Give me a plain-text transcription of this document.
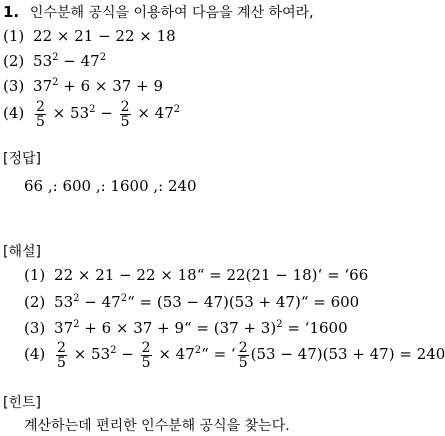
1. 인수분해 공식을 이용하여 다음을 계산 하여라,
(1) 22 × 21 − 22 × 18
(2) $53^2 - 47^2$
(3) $37^2 + 6 \times 37 + 9$
$(4) \frac{2}{5} \times 53^2 - \frac{2}{5} \times 47^2$
[정답]
66 ,: 600 ,: 1600 ,: 240
[해설]
(1) 22 × 21 − 22 × 18“ = 22(21 − 18)‘ = ‘66
(2) $53^2$ − $47^2“ = (53 - 47)(53$ + 47)“ = 600
(3) $37^2 + 6 \times 37$ + 9“ = $(37 + 3)^2$ = ‘1600
$(4) \frac{2}{5} \times 53^2 - \frac{2}{5}$ × $47^2“$ = ‘ $\frac{2}{5} (53 - 47)(53 + 47) = 240$
[힌트]
계산하는데 편리한 인수분해 공식을 찾는다.
